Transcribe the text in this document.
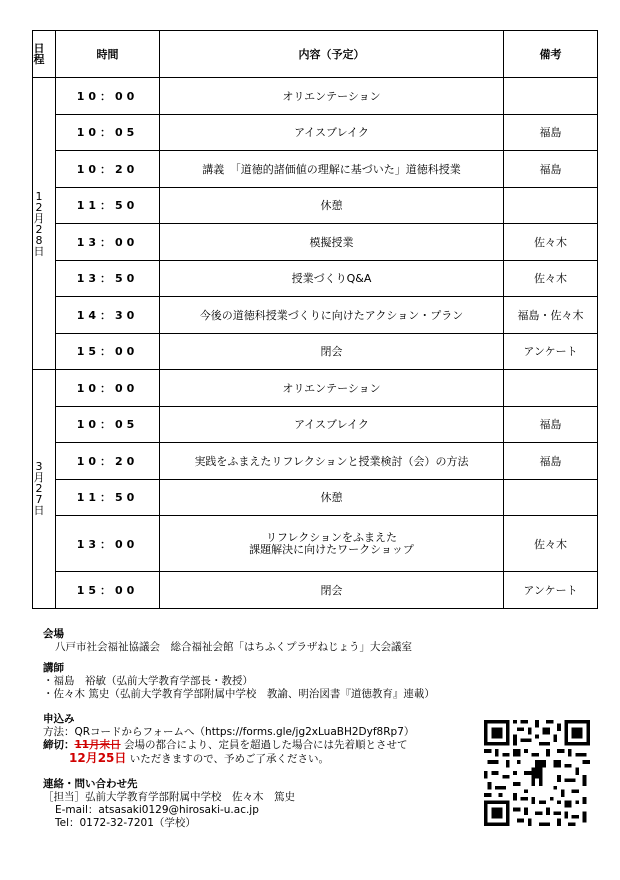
日程	時間	内容（予定）	備考

12月28日	10：00	オリエンテーション	
	10：05	アイスブレイク	福島
	10：20	講義　「道徳的諸価値の理解に基づいた」道徳科授業	福島
	11：50	休憩	
	13：00	模擬授業	佐々木
	13：50	授業づくりQ&A	佐々木
	14：30	今後の道徳科授業づくりに向けたアクション・プラン	福島・佐々木
	15：00	閉会	アンケート

3月27日	10：00	オリエンテーション	
	10：05	アイスブレイク	福島
	10：20	実践をふまえたリフレクションと授業検討（会）の方法	福島
	11：50	休憩	
	13：00	リフレクションをふまえた
課題解決に向けたワークショップ	佐々木
	15：00	閉会	アンケート
会場
八戸市社会福祉協議会　総合福祉会館「はちふくプラザねじょう」大会議室
講師
・福島　裕敏（弘前大学教育学部長・教授）
・佐々木 篤史（弘前大学教育学部附属中学校　教諭、明治図書『道徳教育』連載）
申込み
方法：QRコードからフォームへ（https://forms.gle/jg2xLuaBH2Dyf8Rp7）
締切：11月末日 会場の都合により、定員を超過した場合には先着順とさせて
12月25日 いただきますので、予めご了承ください。
連絡・問い合わせ先
［担当］弘前大学教育学部附属中学校　佐々木　篤史
E-mail：atsasaki0129@hirosaki-u.ac.jp
Tel：0172-32-7201（学校）
